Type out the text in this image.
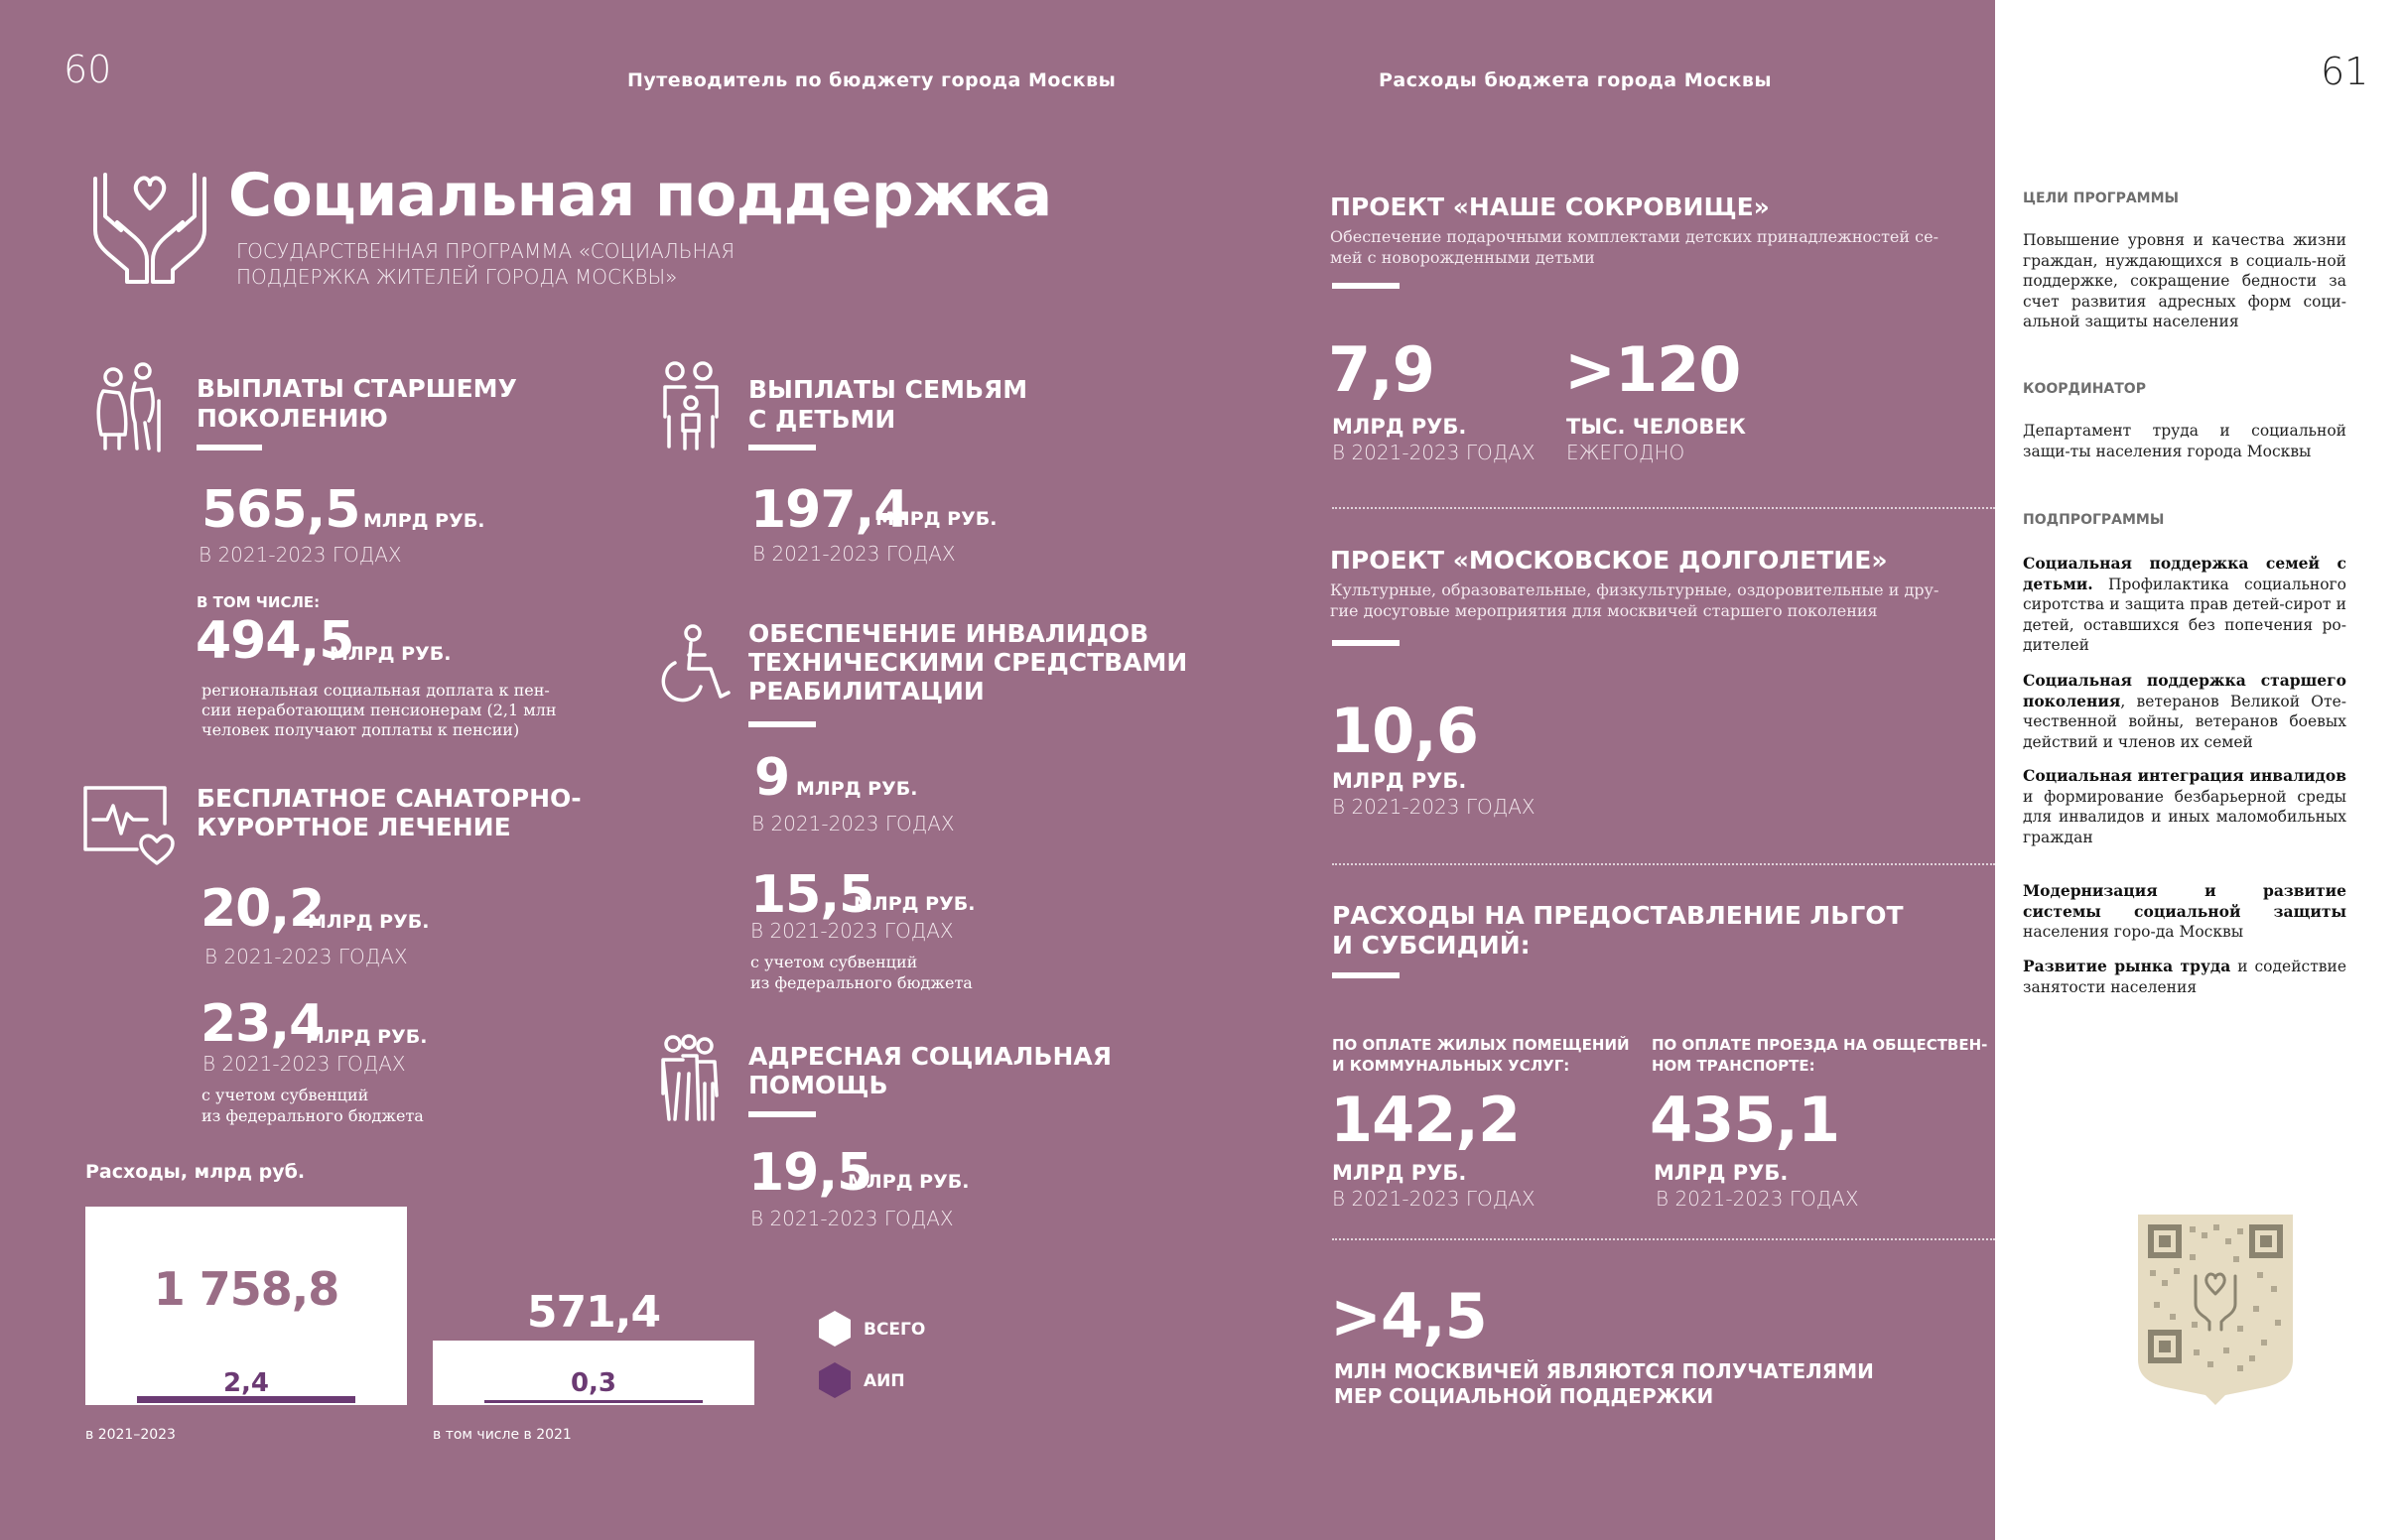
60	Путеводитель по бюджету города Москвы	Расходы бюджета города Москвы	61
Социальная поддержка
ГОСУДАРСТВЕННАЯ ПРОГРАММА «СОЦИАЛЬНАЯ
ПОДДЕРЖКА ЖИТЕЛЕЙ ГОРОДА МОСКВЫ»
ВЫПЛАТЫ СТАРШЕМУ
ПОКОЛЕНИЮ
565,5 МЛРД РУБ.
В 2021-2023 ГОДАХ
В ТОМ ЧИСЛЕ:
494,5
МЛРД РУБ.
региональная социальная доплата к пен-
сии неработающим пенсионерам (2,1 млн
человек получают доплаты к пенсии)
БЕСПЛАТНОЕ САНАТОРНО-
КУРОРТНОЕ ЛЕЧЕНИЕ
20,2
МЛРД РУБ.
В 2021-2023 ГОДАХ
23,4
МЛРД РУБ.
В 2021-2023 ГОДАХ
с учетом субвенций
из федерального бюджета
ВЫПЛАТЫ СЕМЬЯМ
С ДЕТЬМИ
197,4
МЛРД РУБ.
В 2021-2023 ГОДАХ
ОБЕСПЕЧЕНИЕ ИНВАЛИДОВ
ТЕХНИЧЕСКИМИ СРЕДСТВАМИ
РЕАБИЛИТАЦИИ
9 МЛРД РУБ.
В 2021-2023 ГОДАХ
15,5
МЛРД РУБ.
В 2021-2023 ГОДАХ
с учетом субвенций
из федерального бюджета
АДРЕСНАЯ СОЦИАЛЬНАЯ
ПОМОЩЬ
19,5
МЛРД РУБ.
В 2021-2023 ГОДАХ
Расходы, млрд руб.
1 758,8	571,4
2,4	0,3
в 2021–2023	в том числе в 2021
ВСЕГО
АИП
ПРОЕКТ «НАШЕ СОКРОВИЩЕ»
Обеспечение подарочными комплектами детских принадлежностей се-
мей с новорожденными детьми
7,9
МЛРД РУБ.
В 2021-2023 ГОДАХ
>120
ТЫС. ЧЕЛОВЕК
ЕЖЕГОДНО
ПРОЕКТ «МОСКОВСКОЕ ДОЛГОЛЕТИЕ»
Культурные, образовательные, физкультурные, оздоровительные и дру-
гие досуговые мероприятия для москвичей старшего поколения
10,6
МЛРД РУБ.
В 2021-2023 ГОДАХ
РАСХОДЫ НА ПРЕДОСТАВЛЕНИЕ ЛЬГОТ
И СУБСИДИЙ:
ПО ОПЛАТЕ ЖИЛЫХ ПОМЕЩЕНИЙ
И КОММУНАЛЬНЫХ УСЛУГ:
142,2
МЛРД РУБ.
В 2021-2023 ГОДАХ
ПО ОПЛАТЕ ПРОЕЗДА НА ОБЩЕСТВЕН-
НОМ ТРАНСПОРТЕ:
435,1
МЛРД РУБ.
В 2021-2023 ГОДАХ
>4,5
МЛН МОСКВИЧЕЙ ЯВЛЯЮТСЯ ПОЛУЧАТЕЛЯМИ
МЕР СОЦИАЛЬНОЙ ПОДДЕРЖКИ
ЦЕЛИ ПРОГРАММЫ
Повышение уровня и качества жизни граждан, нуждающихся в социаль-ной поддержке, сокращение бедности за счет развития адресных форм соци-альной защиты населения
КООРДИНАТОР
Департамент труда и социальной защи-ты населения города Москвы
ПОДПРОГРАММЫ
Социальная поддержка семей с детьми. Профилактика социального сиротства и защита прав детей-сирот и детей, оставшихся без попечения ро-дителей
Социальная поддержка старшего поколения, ветеранов Великой Оте-чественной войны, ветеранов боевых действий и членов их семей
Социальная интеграция инвалидов и формирование безбарьерной среды для инвалидов и иных маломобильных граждан
Модернизация и развитие системы социальной защиты населения горо-да Москвы
Развитие рынка труда и содействие занятости населения
